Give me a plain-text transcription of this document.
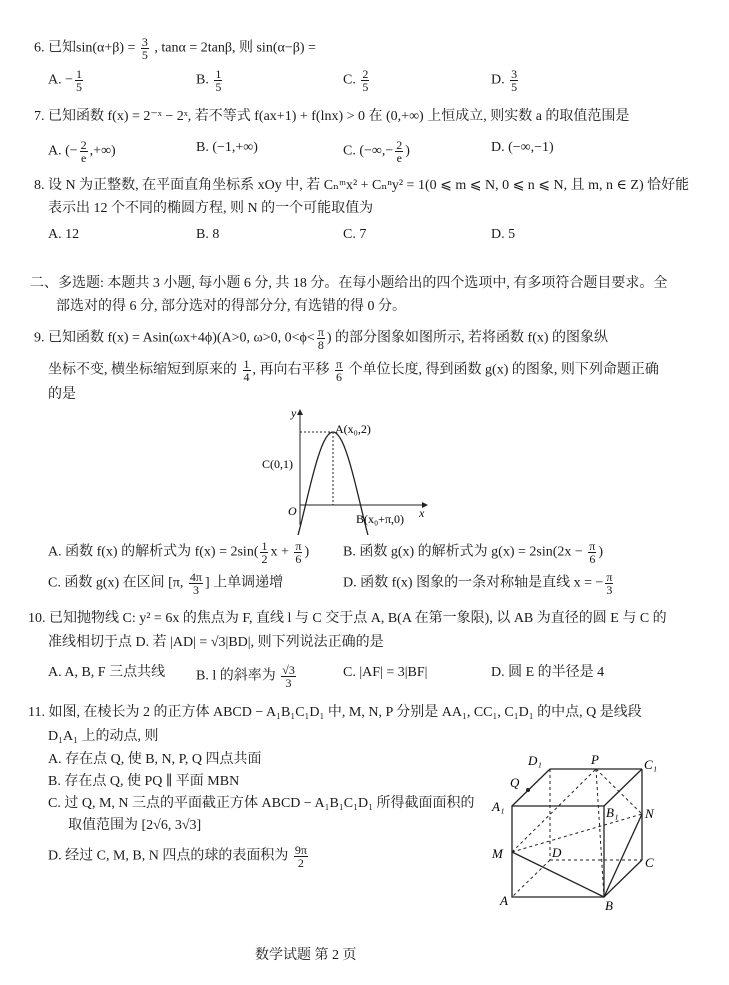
6. 已知$\sin(\alpha+\beta) = \frac{3}{5}$ , tanα = 2tanβ, 则 sin(α−β) =
A. − $\frac{1}{5}$	B. $\frac{1}{5}$	C. $\frac{2}{5}$	D. $\frac{3}{5}$
7. 已知函数 f(x) = 2⁻ˣ − 2ˣ, 若不等式 f(ax+1) + f(lnx) > 0 在 (0,+∞) 上恒成立, 则实数 a 的取值范围是
A. (− $\frac{2}{e}$ ,+∞)	B. (−1,+∞)	C. (−∞,− $\frac{2}{e}$ )	D. (−∞,−1)
8. 设 N 为正整数, 在平面直角坐标系 xOy 中, 若 Cₙᵐx² + Cₙⁿy² = 1(0 ⩽ m ⩽ N, 0 ⩽ n ⩽ N, 且 m, n ∈ Z) 恰好能
表示出 12 个不同的椭圆方程, 则 N 的一个可能取值为
A. 12	B. 8	C. 7	D. 5
二、多选题: 本题共 3 小题, 每小题 6 分, 共 18 分。在每小题给出的四个选项中, 有多项符合题目要求。全
部选对的得 6 分, 部分选对的得部分分, 有选错的得 0 分。
9. 已知函数 f(x) = Asin(ωx+4ϕ)(A>0, ω>0, $0<\phi< \frac{\pi}{8}$ ) 的部分图象如图所示, 若将函数 f(x) 的图象纵
坐标不变, 横坐标缩短到原来的 $\frac{1}{4}$ , 再向右平移 $\frac{\pi}{6}$ 个单位长度, 得到函数 g(x) 的图象, 则下列命题正确
的是
y
x
O
A(x₀,2)
B(x₀+π,0)
C(0,1)
A. 函数 f(x) 的解析式为 $f(x) = 2\sin( \frac{1}{2}$ $x + \frac{\pi}{6}$ ) B. 函数 g(x) 的解析式为 $g(x) = 2\sin(2x - \frac{\pi}{6}$ )
C. 函数 g(x) 在区间 [π, $\frac{4\pi}{3}$ ] 上单调递增	D. 函数 f(x) 图象的一条对称轴是直线 x = − $\frac{\pi}{3}$
10. 已知抛物线 C: y² = 6x 的焦点为 F, 直线 l 与 C 交于点 A, B(A 在第一象限), 以 AB 为直径的圆 E 与 C 的
准线相切于点 D. 若 |AD| = √3|BD|, 则下列说法正确的是
A. A, B, F 三点共线 B. l 的斜率为 $\frac{√3}{3}$	C. |AF| = 3|BF|	D. 圆 E 的半径是 4
11. 如图, 在棱长为 2 的正方体 ABCD − A₁B₁C₁D₁ 中, M, N, P 分别是 AA₁, CC₁, C₁D₁ 的中点, Q 是线段
D₁A₁ 上的动点, 则
A. 存在点 Q, 使 B, N, P, Q 四点共面
B. 存在点 Q, 使 PQ ∥ 平面 MBN
C. 过 Q, M, N 三点的平面截正方体 ABCD − A₁B₁C₁D₁ 所得截面面积的
取值范围为 [2√6, 3√3]
D. 经过 C, M, B, N 四点的球的表面积为 $\frac{9\pi}{2}$
A	B
C
D
A₁	B₁
C₁
D₁
M
N
P
Q
数学试题 第 2 页
